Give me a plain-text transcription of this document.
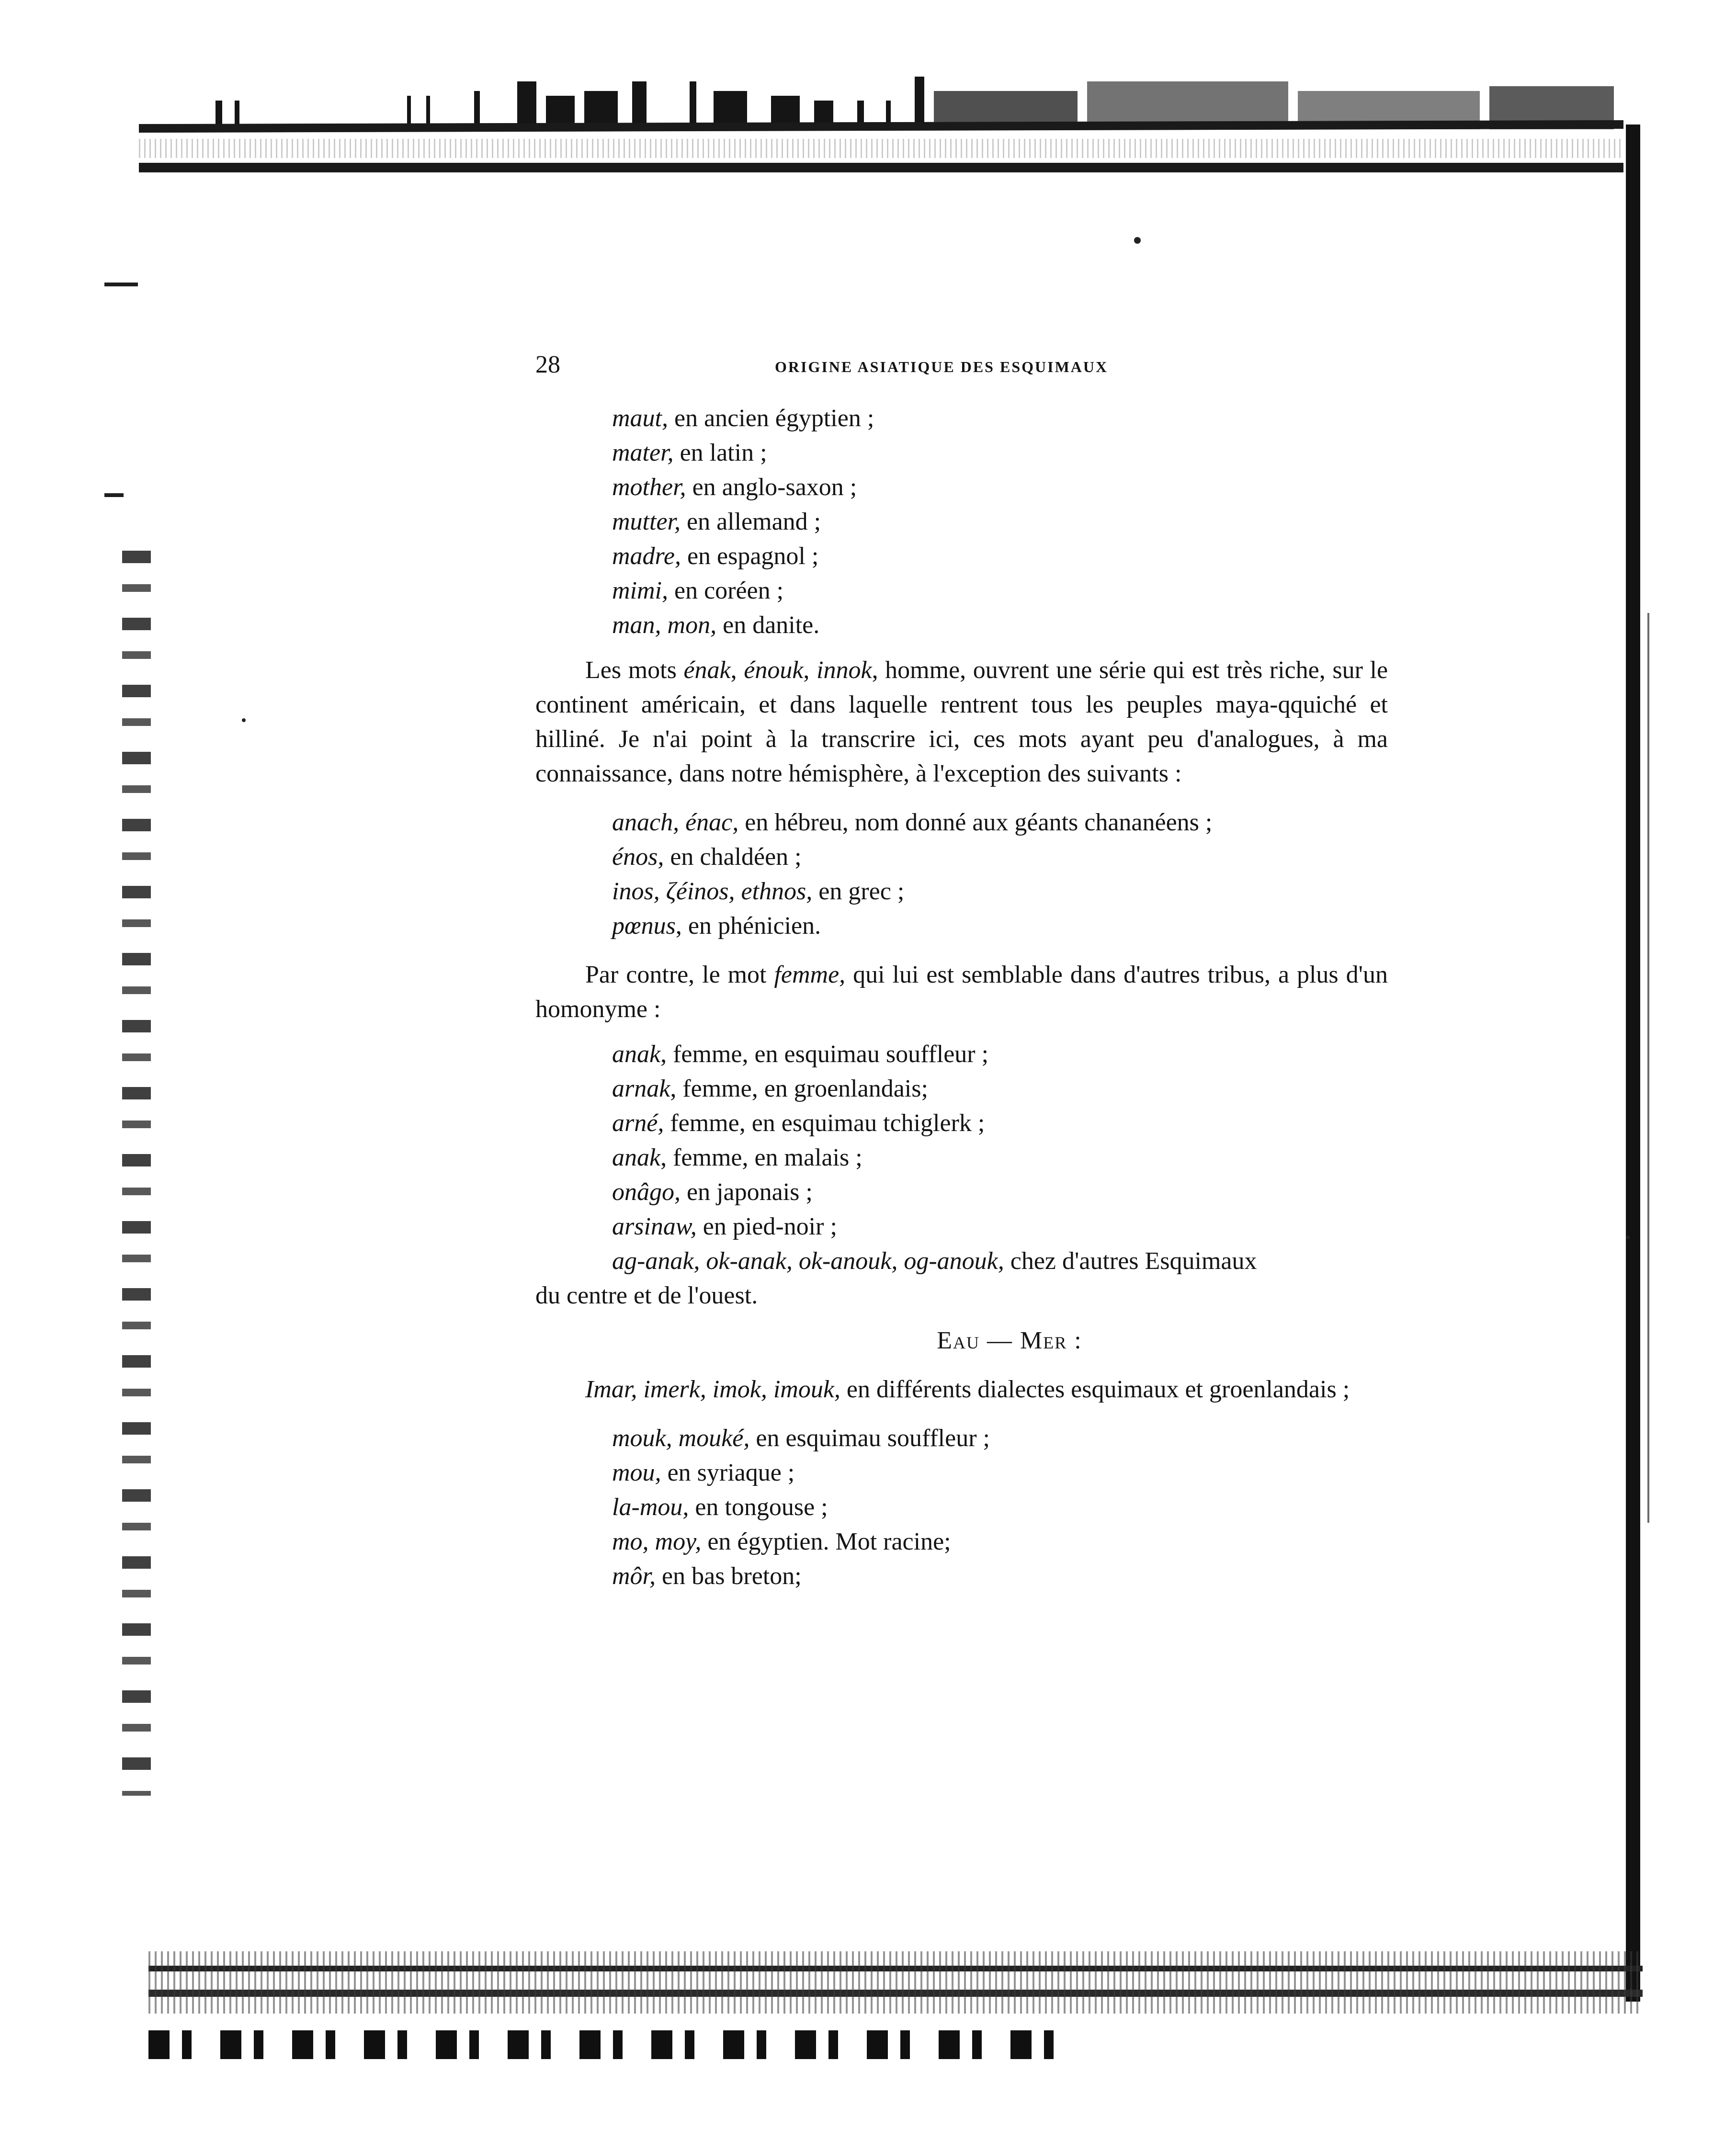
28	ORIGINE ASIATIQUE DES ESQUIMAUX
maut, en ancien égyptien ;
mater, en latin ;
mother, en anglo-saxon ;
mutter, en allemand ;
madre, en espagnol ;
mimi, en coréen ;
man, mon, en danite.

Les mots énak, énouk, innok, homme, ouvrent une série qui est très riche, sur le continent américain, et dans laquelle rentrent tous les peuples maya-qquiché et hilliné. Je n'ai point à la transcrire ici, ces mots ayant peu d'analogues, à ma connaissance, dans notre hémisphère, à l'exception des suivants :

anach, énac, en hébreu, nom donné aux géants chananéens ;
énos, en chaldéen ;
inos, ζéinos, ethnos, en grec ;
pœnus, en phénicien.

Par contre, le mot femme, qui lui est semblable dans d'autres tribus, a plus d'un homonyme :

anak, femme, en esquimau souffleur ;
arnak, femme, en groenlandais;
arné, femme, en esquimau tchiglerk ;
anak, femme, en malais ;
onâgo, en japonais ;
arsinaw, en pied-noir ;

ag-anak, ok-anak, ok-anouk, og-anouk, chez d'autres Esquimaux

du centre et de l'ouest.

Eau — Mer :

Imar, imerk, imok, imouk, en différents dialectes esquimaux et groenlandais ;

mouk, mouké, en esquimau souffleur ;
mou, en syriaque ;
la-mou, en tongouse ;
mo, moy, en égyptien. Mot racine;
môr, en bas breton;
